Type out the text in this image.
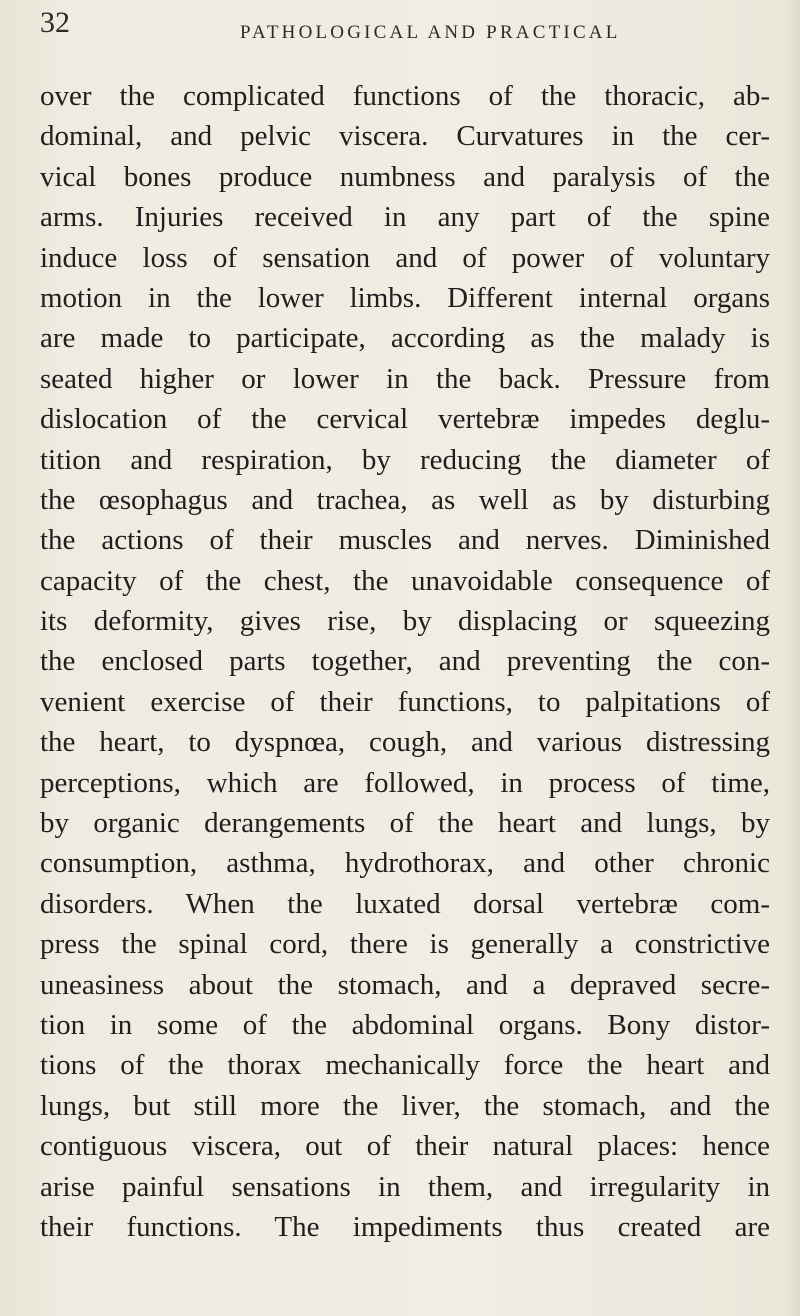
32	PATHOLOGICAL AND PRACTICAL
over the complicated functions of the thoracic, ab-
dominal, and pelvic viscera. Curvatures in the cer-
vical bones produce numbness and paralysis of the
arms. Injuries received in any part of the spine
induce loss of sensation and of power of voluntary
motion in the lower limbs. Different internal organs
are made to participate, according as the malady is
seated higher or lower in the back. Pressure from
dislocation of the cervical vertebræ impedes deglu-
tition and respiration, by reducing the diameter of
the œsophagus and trachea, as well as by disturbing
the actions of their muscles and nerves. Diminished
capacity of the chest, the unavoidable consequence of
its deformity, gives rise, by displacing or squeezing
the enclosed parts together, and preventing the con-
venient exercise of their functions, to palpitations of
the heart, to dyspnœa, cough, and various distressing
perceptions, which are followed, in process of time,
by organic derangements of the heart and lungs, by
consumption, asthma, hydrothorax, and other chronic
disorders. When the luxated dorsal vertebræ com-
press the spinal cord, there is generally a constrictive
uneasiness about the stomach, and a depraved secre-
tion in some of the abdominal organs. Bony distor-
tions of the thorax mechanically force the heart and
lungs, but still more the liver, the stomach, and the
contiguous viscera, out of their natural places: hence
arise painful sensations in them, and irregularity in
their functions. The impediments thus created are
